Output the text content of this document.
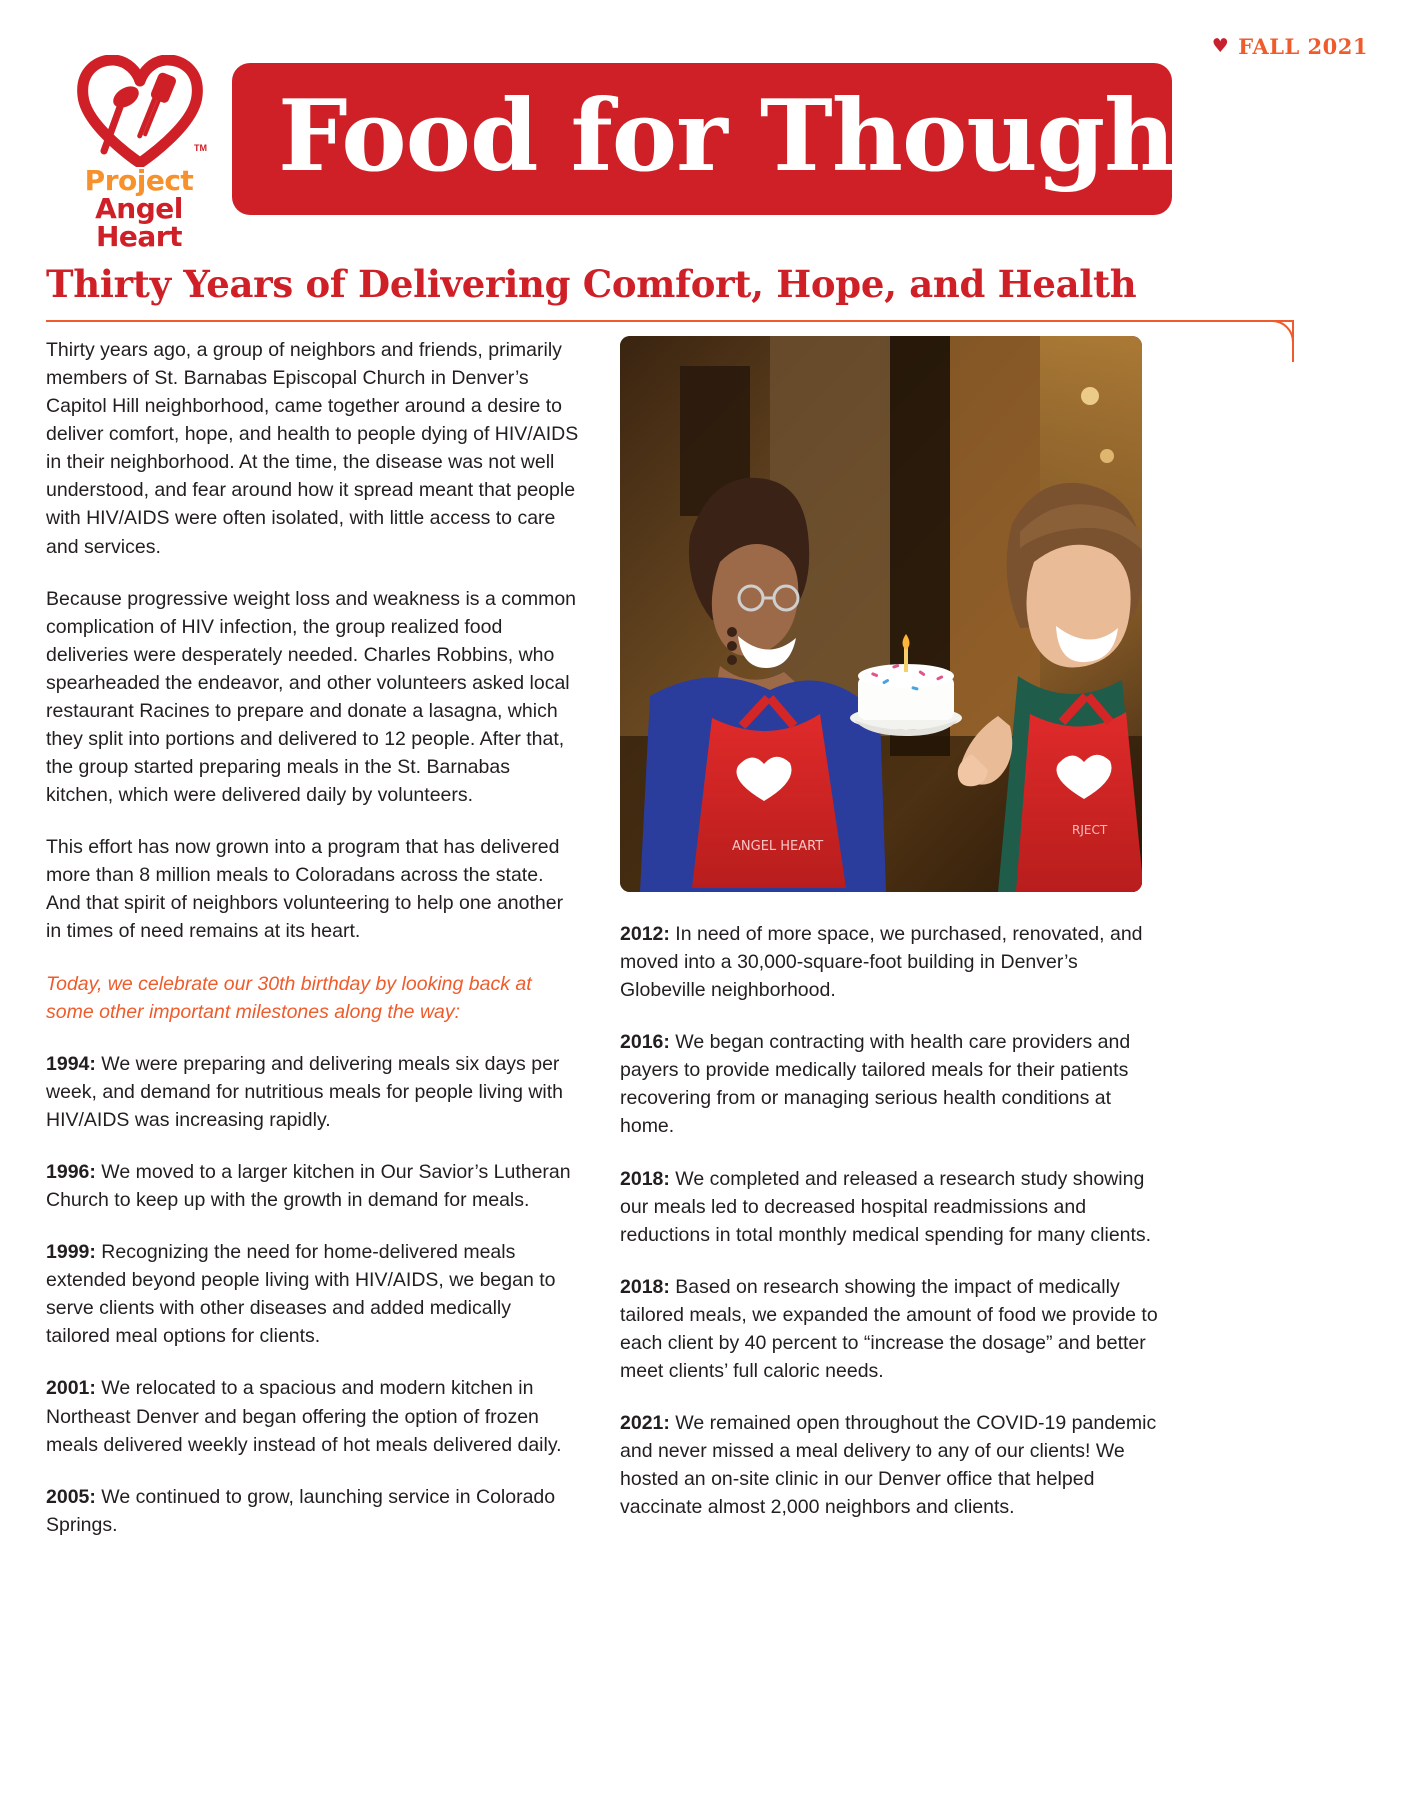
♥ FALL 2021
TM
Project
Angel Heart
Food for Thought
Thirty Years of Delivering Comfort, Hope, and Health
ANGEL HEART
RJECT

Thirty years ago, a group of neighbors and friends, primarily members of St. Barnabas Episcopal Church in Denver’s Capitol Hill neighborhood, came together around a desire to deliver comfort, hope, and health to people dying of HIV/AIDS in their neighborhood. At the time, the disease was not well understood, and fear around how it spread meant that people with HIV/AIDS were often isolated, with little access to care and services.

Because progressive weight loss and weakness is a common complication of HIV infection, the group realized food deliveries were desperately needed. Charles Robbins, who spearheaded the endeavor, and other volunteers asked local restaurant Racines to prepare and donate a lasagna, which they split into portions and delivered to 12 people. After that, the group started preparing meals in the St. Barnabas kitchen, which were delivered daily by volunteers.

This effort has now grown into a program that has delivered more than 8 million meals to Coloradans across the state. And that spirit of neighbors volunteering to help one another in times of need remains at its heart.

Today, we celebrate our 30th birthday by looking back at some other important milestones along the way:

1994: We were preparing and delivering meals six days per week, and demand for nutritious meals for people living with HIV/AIDS was increasing rapidly.

1996: We moved to a larger kitchen in Our Savior’s Lutheran Church to keep up with the growth in demand for meals.

1999: Recognizing the need for home-delivered meals extended beyond people living with HIV/AIDS, we began to serve clients with other diseases and added medically tailored meal options for clients.

2001: We relocated to a spacious and modern kitchen in Northeast Denver and began offering the option of frozen meals delivered weekly instead of hot meals delivered daily.

2005: We continued to grow, launching service in Colorado Springs.

2012: In need of more space, we purchased, renovated, and moved into a 30,000-square-foot building in Denver’s Globeville neighborhood.

2016: We began contracting with health care providers and payers to provide medically tailored meals for their patients recovering from or managing serious health conditions at home.

2018: We completed and released a research study showing our meals led to decreased hospital readmissions and reductions in total monthly medical spending for many clients.

2018: Based on research showing the impact of medically tailored meals, we expanded the amount of food we provide to each client by 40 percent to “increase the dosage” and better meet clients’ full caloric needs.

2021: We remained open throughout the COVID-19 pandemic and never missed a meal delivery to any of our clients! We hosted an on-site clinic in our Denver office that helped vaccinate almost 2,000 neighbors and clients.
